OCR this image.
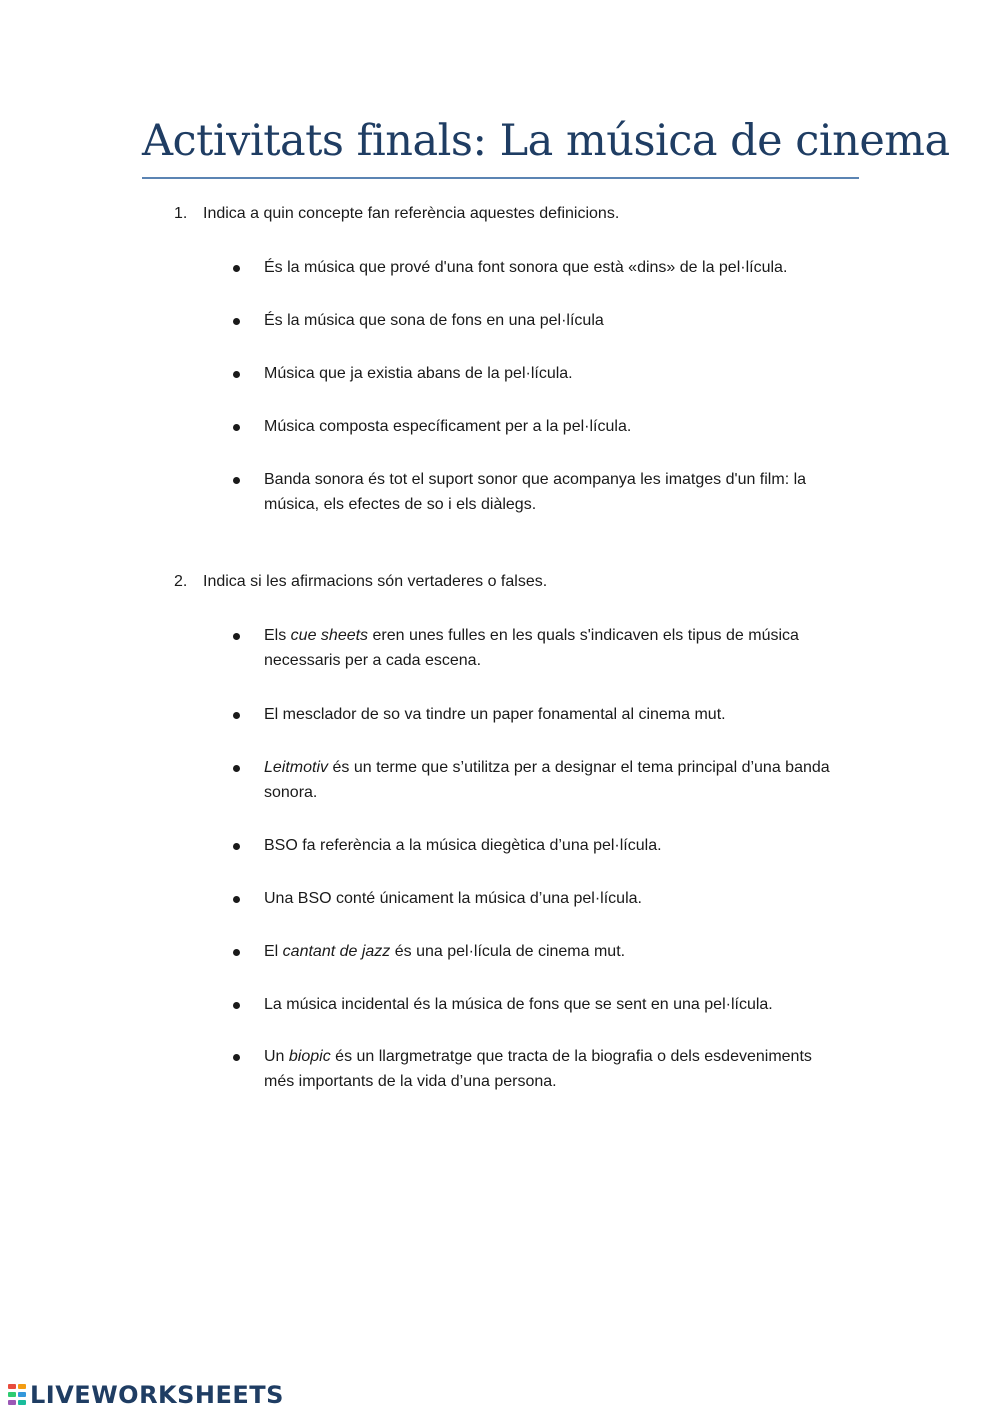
Activitats finals: La música de cinema
1. Indica a quin concepte fan referència aquestes definicions.
És la música que prové d'una font sonora que està «dins» de la pel·lícula.
És la música que sona de fons en una pel·lícula
Música que ja existia abans de la pel·lícula.
Música composta específicament per a la pel·lícula.
Banda sonora és tot el suport sonor que acompanya les imatges d'un film: la música, els efectes de so i els diàlegs.
2. Indica si les afirmacions són vertaderes o falses.
Els cue sheets eren unes fulles en les quals s'indicaven els tipus de música necessaris per a cada escena.
El mesclador de so va tindre un paper fonamental al cinema mut.
Leitmotiv és un terme que s’utilitza per a designar el tema principal d’una banda sonora.
BSO fa referència a la música diegètica d’una pel·lícula.
Una BSO conté únicament la música d’una pel·lícula.
El cantant de jazz és una pel·lícula de cinema mut.
La música incidental és la música de fons que se sent en una pel·lícula.
Un biopic és un llargmetratge que tracta de la biografia o dels esdeveniments més importants de la vida d’una persona.
LIVEWORKSHEETS
